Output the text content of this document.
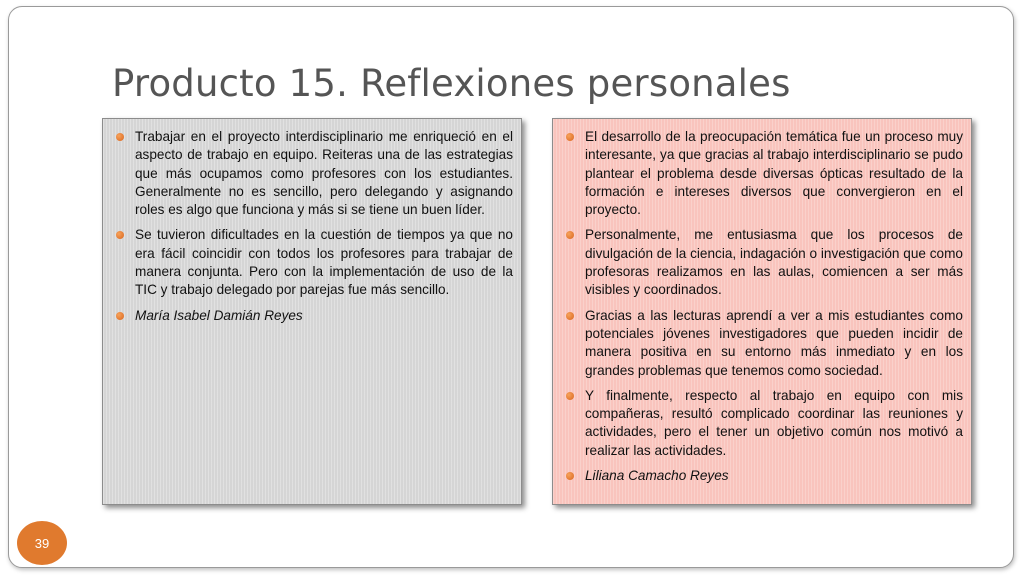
Producto 15. Reflexiones personales
Trabajar en el proyecto interdisciplinario me enriqueció en el aspecto de trabajo en equipo. Reiteras una de las estrategias que más ocupamos como profesores con los estudiantes. Generalmente no es sencillo, pero delegando y asignando roles es algo que funciona y más si se tiene un buen líder.
Se tuvieron dificultades en la cuestión de tiempos ya que no era fácil coincidir con todos los profesores para trabajar de manera conjunta. Pero con la implementación de uso de la TIC y trabajo delegado por parejas fue más sencillo.
María Isabel Damián Reyes
El desarrollo de la preocupación temática fue un proceso muy interesante, ya que gracias al trabajo interdisciplinario se pudo plantear el problema desde diversas ópticas resultado de la formación e intereses diversos que convergieron en el proyecto.
Personalmente, me entusiasma que los procesos de divulgación de la ciencia, indagación o investigación que como profesoras realizamos en las aulas, comiencen a ser más visibles y coordinados.
Gracias a las lecturas aprendí a ver a mis estudiantes como potenciales jóvenes investigadores que pueden incidir de manera positiva en su entorno más inmediato y en los grandes problemas que tenemos como sociedad.
Y finalmente, respecto al trabajo en equipo con mis compañeras, resultó complicado coordinar las reuniones y actividades, pero el tener un objetivo común nos motivó a realizar las actividades.
Liliana Camacho Reyes
39
